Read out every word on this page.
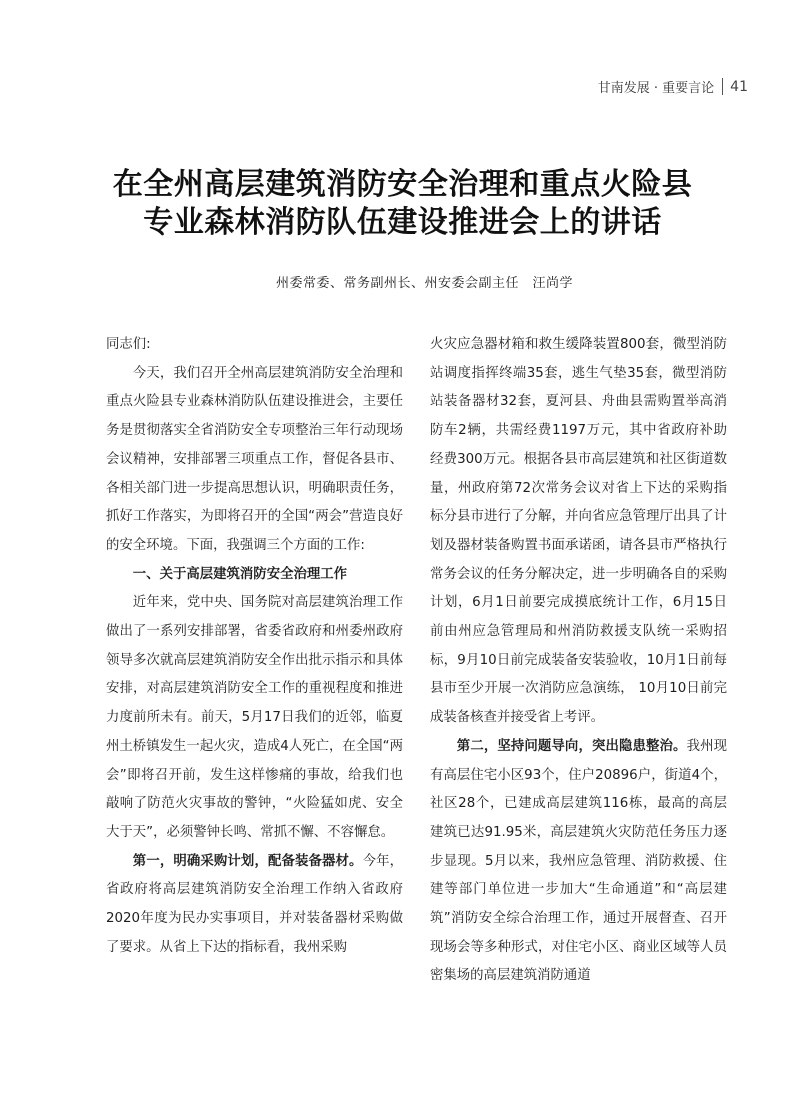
甘南发展 · 重要言论 41
在全州高层建筑消防安全治理和重点火险县
专业森林消防队伍建设推进会上的讲话
州委常委、常务副州长、州安委会副主任　汪尚学

同志们:

今天，我们召开全州高层建筑消防安全治理和重点火险县专业森林消防队伍建设推进会，主要任务是贯彻落实全省消防安全专项整治三年行动现场会议精神，安排部署三项重点工作，督促各县市、各相关部门进一步提高思想认识，明确职责任务，抓好工作落实，为即将召开的全国“两会”营造良好的安全环境。下面，我强调三个方面的工作:

一、关于高层建筑消防安全治理工作

近年来，党中央、国务院对高层建筑治理工作做出了一系列安排部署，省委省政府和州委州政府领导多次就高层建筑消防安全作出批示指示和具体安排，对高层建筑消防安全工作的重视程度和推进力度前所未有。前天，5月17日我们的近邻，临夏州土桥镇发生一起火灾，造成4人死亡，在全国“两会”即将召开前，发生这样惨痛的事故，给我们也敲响了防范火灾事故的警钟，“火险猛如虎、安全大于天”，必须警钟长鸣、常抓不懈、不容懈怠。

第一，明确采购计划，配备装备器材。今年，省政府将高层建筑消防安全治理工作纳入省政府2020年度为民办实事项目，并对装备器材采购做了要求。从省上下达的指标看，我州采购

火灾应急器材箱和救生缓降装置800套，微型消防站调度指挥终端35套，逃生气垫35套，微型消防站装备器材32套，夏河县、舟曲县需购置举高消防车2辆，共需经费1197万元，其中省政府补助经费300万元。根据各县市高层建筑和社区街道数量，州政府第72次常务会议对省上下达的采购指标分县市进行了分解，并向省应急管理厅出具了计划及器材装备购置书面承诺函，请各县市严格执行常务会议的任务分解决定，进一步明确各自的采购计划，6月1日前要完成摸底统计工作，6月15日前由州应急管理局和州消防救援支队统一采购招标，9月10日前完成装备安装验收，10月1日前每县市至少开展一次消防应急演练， 10月10日前完成装备核查并接受省上考评。

第二，坚持问题导向，突出隐患整治。我州现有高层住宅小区93个，住户20896户，街道4个，社区28个，已建成高层建筑116栋，最高的高层建筑已达91.95米，高层建筑火灾防范任务压力逐步显现。5月以来，我州应急管理、消防救援、住建等部门单位进一步加大“生命通道”和“高层建筑”消防安全综合治理工作，通过开展督查、召开现场会等多种形式，对住宅小区、商业区域等人员密集场的高层建筑消防通道
